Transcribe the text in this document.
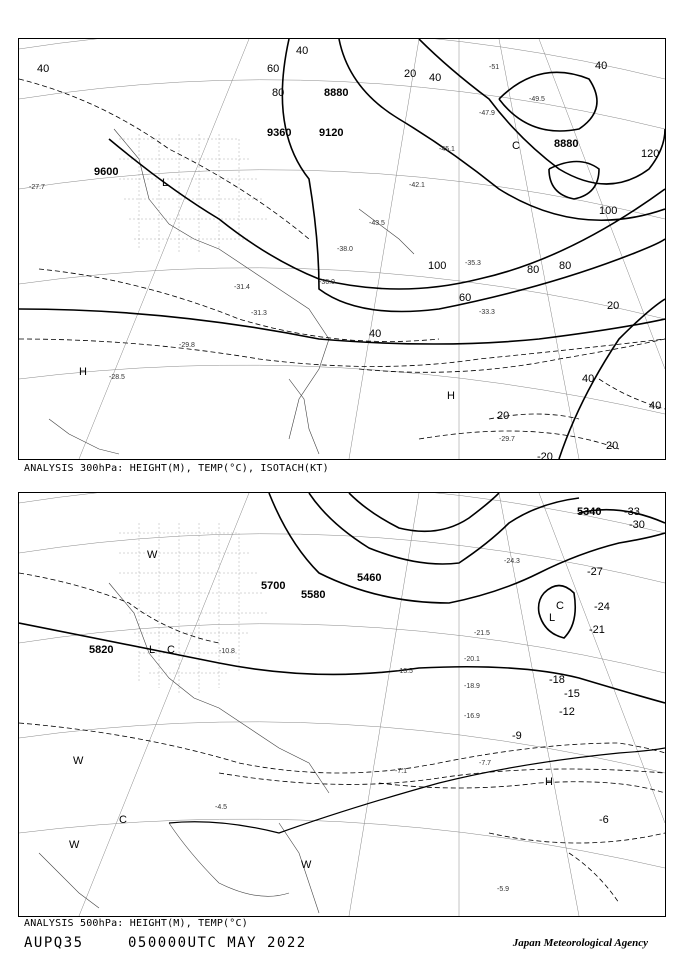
8880
9120
9360
9600
8880
40	60
80
40
20
40
80
100
120
100	80
60
40
20
40
40
20
20
-20
40
L
H
H
C
-27.7
-28.5
-31.4
-33.3
-31.3
-29.8
-43.5
-45.1
-47.9
-51
-49.5
-42.1
-38.0
-36.0
-35.3
-29.7
ANALYSIS 300hPa: HEIGHT(M), TEMP(°C), ISOTACH(KT)
5820
5700
5580
5460
5340 -33
-30
-27
-24
-21
-18
-15
-12
-9
-6
W
L C
L
C
H
W
C
W
W
-4.5
-7.1
-7.7
-5.9
-13.5
-18.9
-20.1
-16.9
-10.8
-21.5
-24.3
ANALYSIS 500hPa: HEIGHT(M), TEMP(°C)
AUPQ35	050000UTC MAY 2022	Japan Meteorological Agency
